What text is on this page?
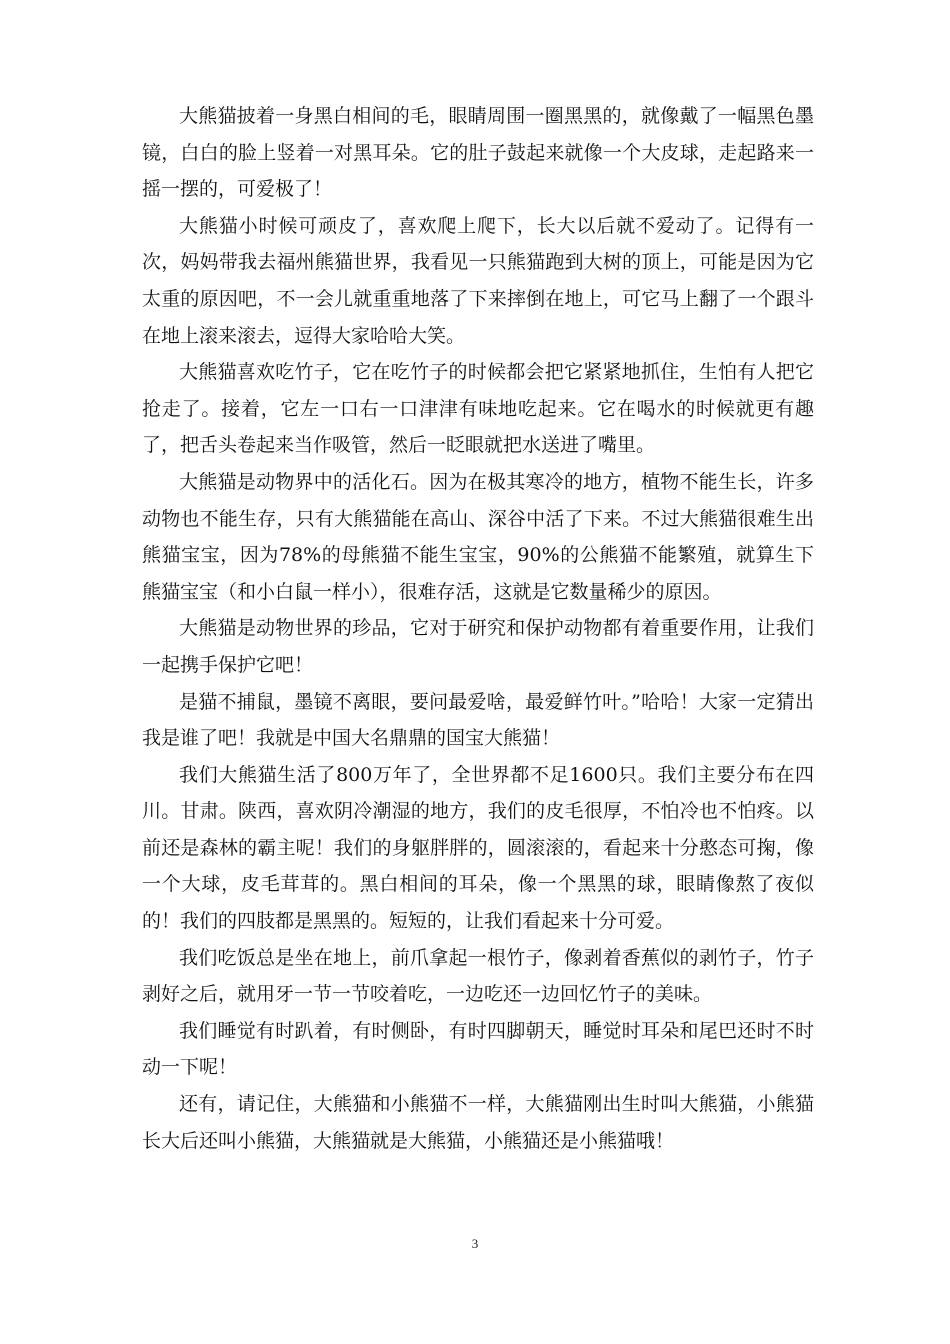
大熊猫披着一身黑白相间的毛，眼睛周围一圈黑黑的，就像戴了一幅黑色墨镜，白白的脸上竖着一对黑耳朵。它的肚子鼓起来就像一个大皮球，走起路来一摇一摆的，可爱极了！

大熊猫小时候可顽皮了，喜欢爬上爬下，长大以后就不爱动了。记得有一次，妈妈带我去福州熊猫世界，我看见一只熊猫跑到大树的顶上，可能是因为它太重的原因吧，不一会儿就重重地落了下来摔倒在地上，可它马上翻了一个跟斗在地上滚来滚去，逗得大家哈哈大笑。

大熊猫喜欢吃竹子，它在吃竹子的时候都会把它紧紧地抓住，生怕有人把它抢走了。接着，它左一口右一口津津有味地吃起来。它在喝水的时候就更有趣了，把舌头卷起来当作吸管，然后一眨眼就把水送进了嘴里。

大熊猫是动物界中的活化石。因为在极其寒冷的地方，植物不能生长，许多动物也不能生存，只有大熊猫能在高山、深谷中活了下来。不过大熊猫很难生出熊猫宝宝，因为78%的母熊猫不能生宝宝，90%的公熊猫不能繁殖，就算生下熊猫宝宝（和小白鼠一样小），很难存活，这就是它数量稀少的原因。

大熊猫是动物世界的珍品，它对于研究和保护动物都有着重要作用，让我们一起携手保护它吧！

是猫不捕鼠，墨镜不离眼，要问最爱啥，最爱鲜竹叶。”哈哈！大家一定猜出我是谁了吧！我就是中国大名鼎鼎的国宝大熊猫！

我们大熊猫生活了800万年了，全世界都不足1600只。我们主要分布在四川。甘肃。陕西，喜欢阴冷潮湿的地方，我们的皮毛很厚，不怕冷也不怕疼。以前还是森林的霸主呢！我们的身躯胖胖的，圆滚滚的，看起来十分憨态可掬，像一个大球，皮毛茸茸的。黑白相间的耳朵，像一个黑黑的球，眼睛像熬了夜似的！我们的四肢都是黑黑的。短短的，让我们看起来十分可爱。

我们吃饭总是坐在地上，前爪拿起一根竹子，像剥着香蕉似的剥竹子，竹子剥好之后，就用牙一节一节咬着吃，一边吃还一边回忆竹子的美味。

我们睡觉有时趴着，有时侧卧，有时四脚朝天，睡觉时耳朵和尾巴还时不时动一下呢！

还有，请记住，大熊猫和小熊猫不一样，大熊猫刚出生时叫大熊猫，小熊猫长大后还叫小熊猫，大熊猫就是大熊猫，小熊猫还是小熊猫哦！

3
